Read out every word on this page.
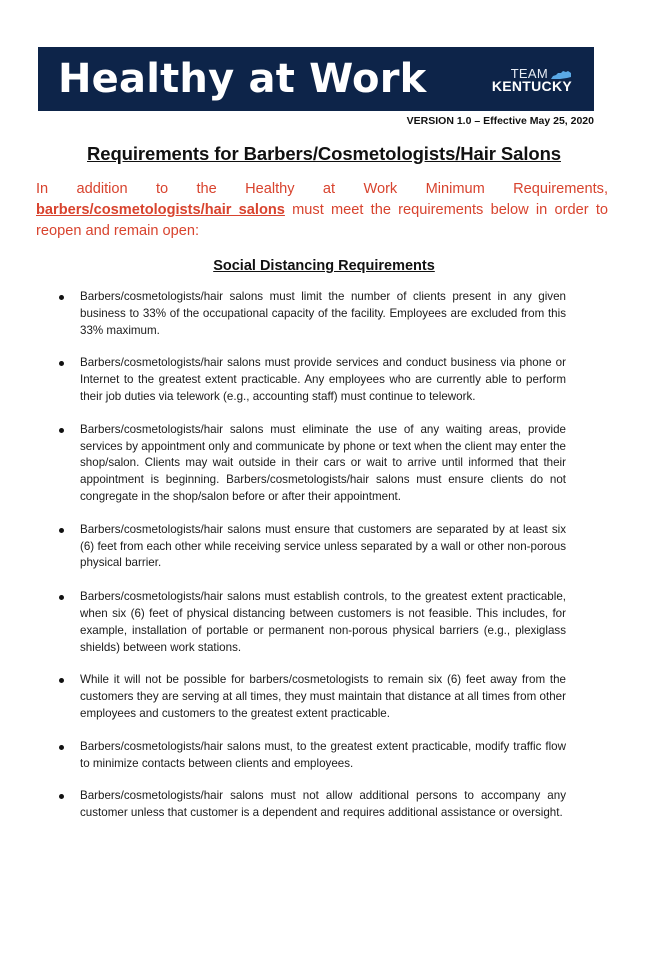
Healthy at Work	TEAM
KENTUCKY
VERSION 1.0 – Effective May 25, 2020
Requirements for Barbers/Cosmetologists/Hair Salons

In addition to the Healthy at Work Minimum Requirements, barbers/cosmetologists/hair salons must meet the requirements below in order to reopen and remain open:

Social Distancing Requirements
Barbers/cosmetologists/hair salons must limit the number of clients present in any given business to 33% of the occupational capacity of the facility. Employees are excluded from this 33% maximum.
Barbers/cosmetologists/hair salons must provide services and conduct business via phone or Internet to the greatest extent practicable. Any employees who are currently able to perform their job duties via telework (e.g., accounting staff) must continue to telework.
Barbers/cosmetologists/hair salons must eliminate the use of any waiting areas, provide services by appointment only and communicate by phone or text when the client may enter the shop/salon. Clients may wait outside in their cars or wait to arrive until informed that their appointment is beginning. Barbers/cosmetologists/hair salons must ensure clients do not congregate in the shop/salon before or after their appointment.
Barbers/cosmetologists/hair salons must ensure that customers are separated by at least six (6) feet from each other while receiving service unless separated by a wall or other non-porous physical barrier.
Barbers/cosmetologists/hair salons must establish controls, to the greatest extent practicable, when six (6) feet of physical distancing between customers is not feasible. This includes, for example, installation of portable or permanent non-porous physical barriers (e.g., plexiglass shields) between work stations.
While it will not be possible for barbers/cosmetologists to remain six (6) feet away from the customers they are serving at all times, they must maintain that distance at all times from other employees and customers to the greatest extent practicable.
Barbers/cosmetologists/hair salons must, to the greatest extent practicable, modify traffic flow to minimize contacts between clients and employees.
Barbers/cosmetologists/hair salons must not allow additional persons to accompany any customer unless that customer is a dependent and requires additional assistance or oversight.
